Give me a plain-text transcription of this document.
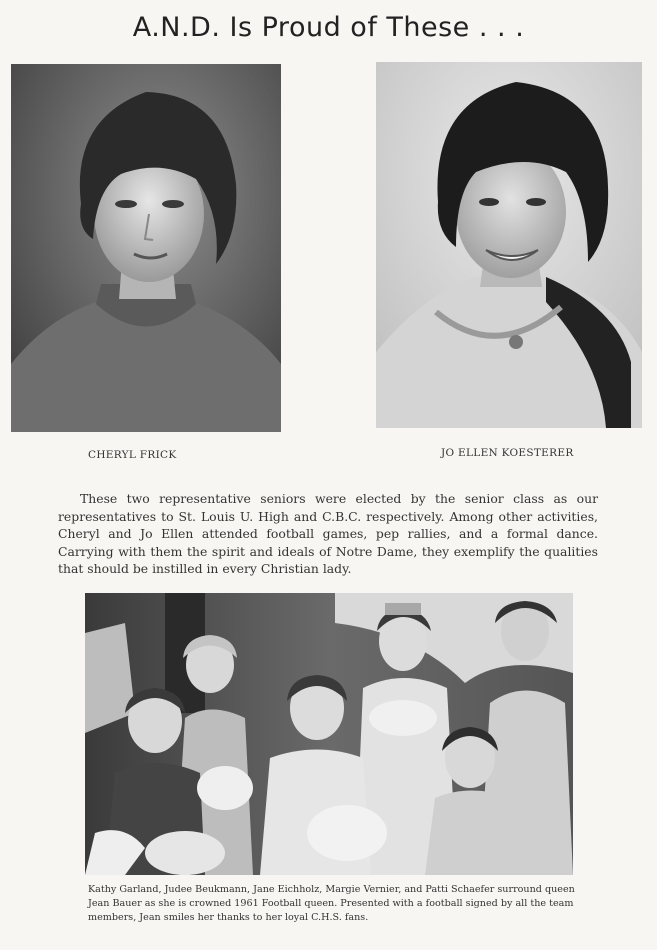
A.N.D. Is Proud of These . . .
CHERYL FRICK	JO ELLEN KOESTERER
These two representative seniors were elected by the senior class as our representatives to St. Louis U. High and C.B.C. respectively. Among other activities, Cheryl and Jo Ellen attended football games, pep rallies, and a formal dance. Carrying with them the spirit and ideals of Notre Dame, they exemplify the qualities that should be instilled in every Christian lady.
Kathy Garland, Judee Beukmann, Jane Eichholz, Margie Vernier, and Patti Schaefer surround queen Jean Bauer as she is crowned 1961 Football queen. Presented with a football signed by all the team members, Jean smiles her thanks to her loyal C.H.S. fans.
